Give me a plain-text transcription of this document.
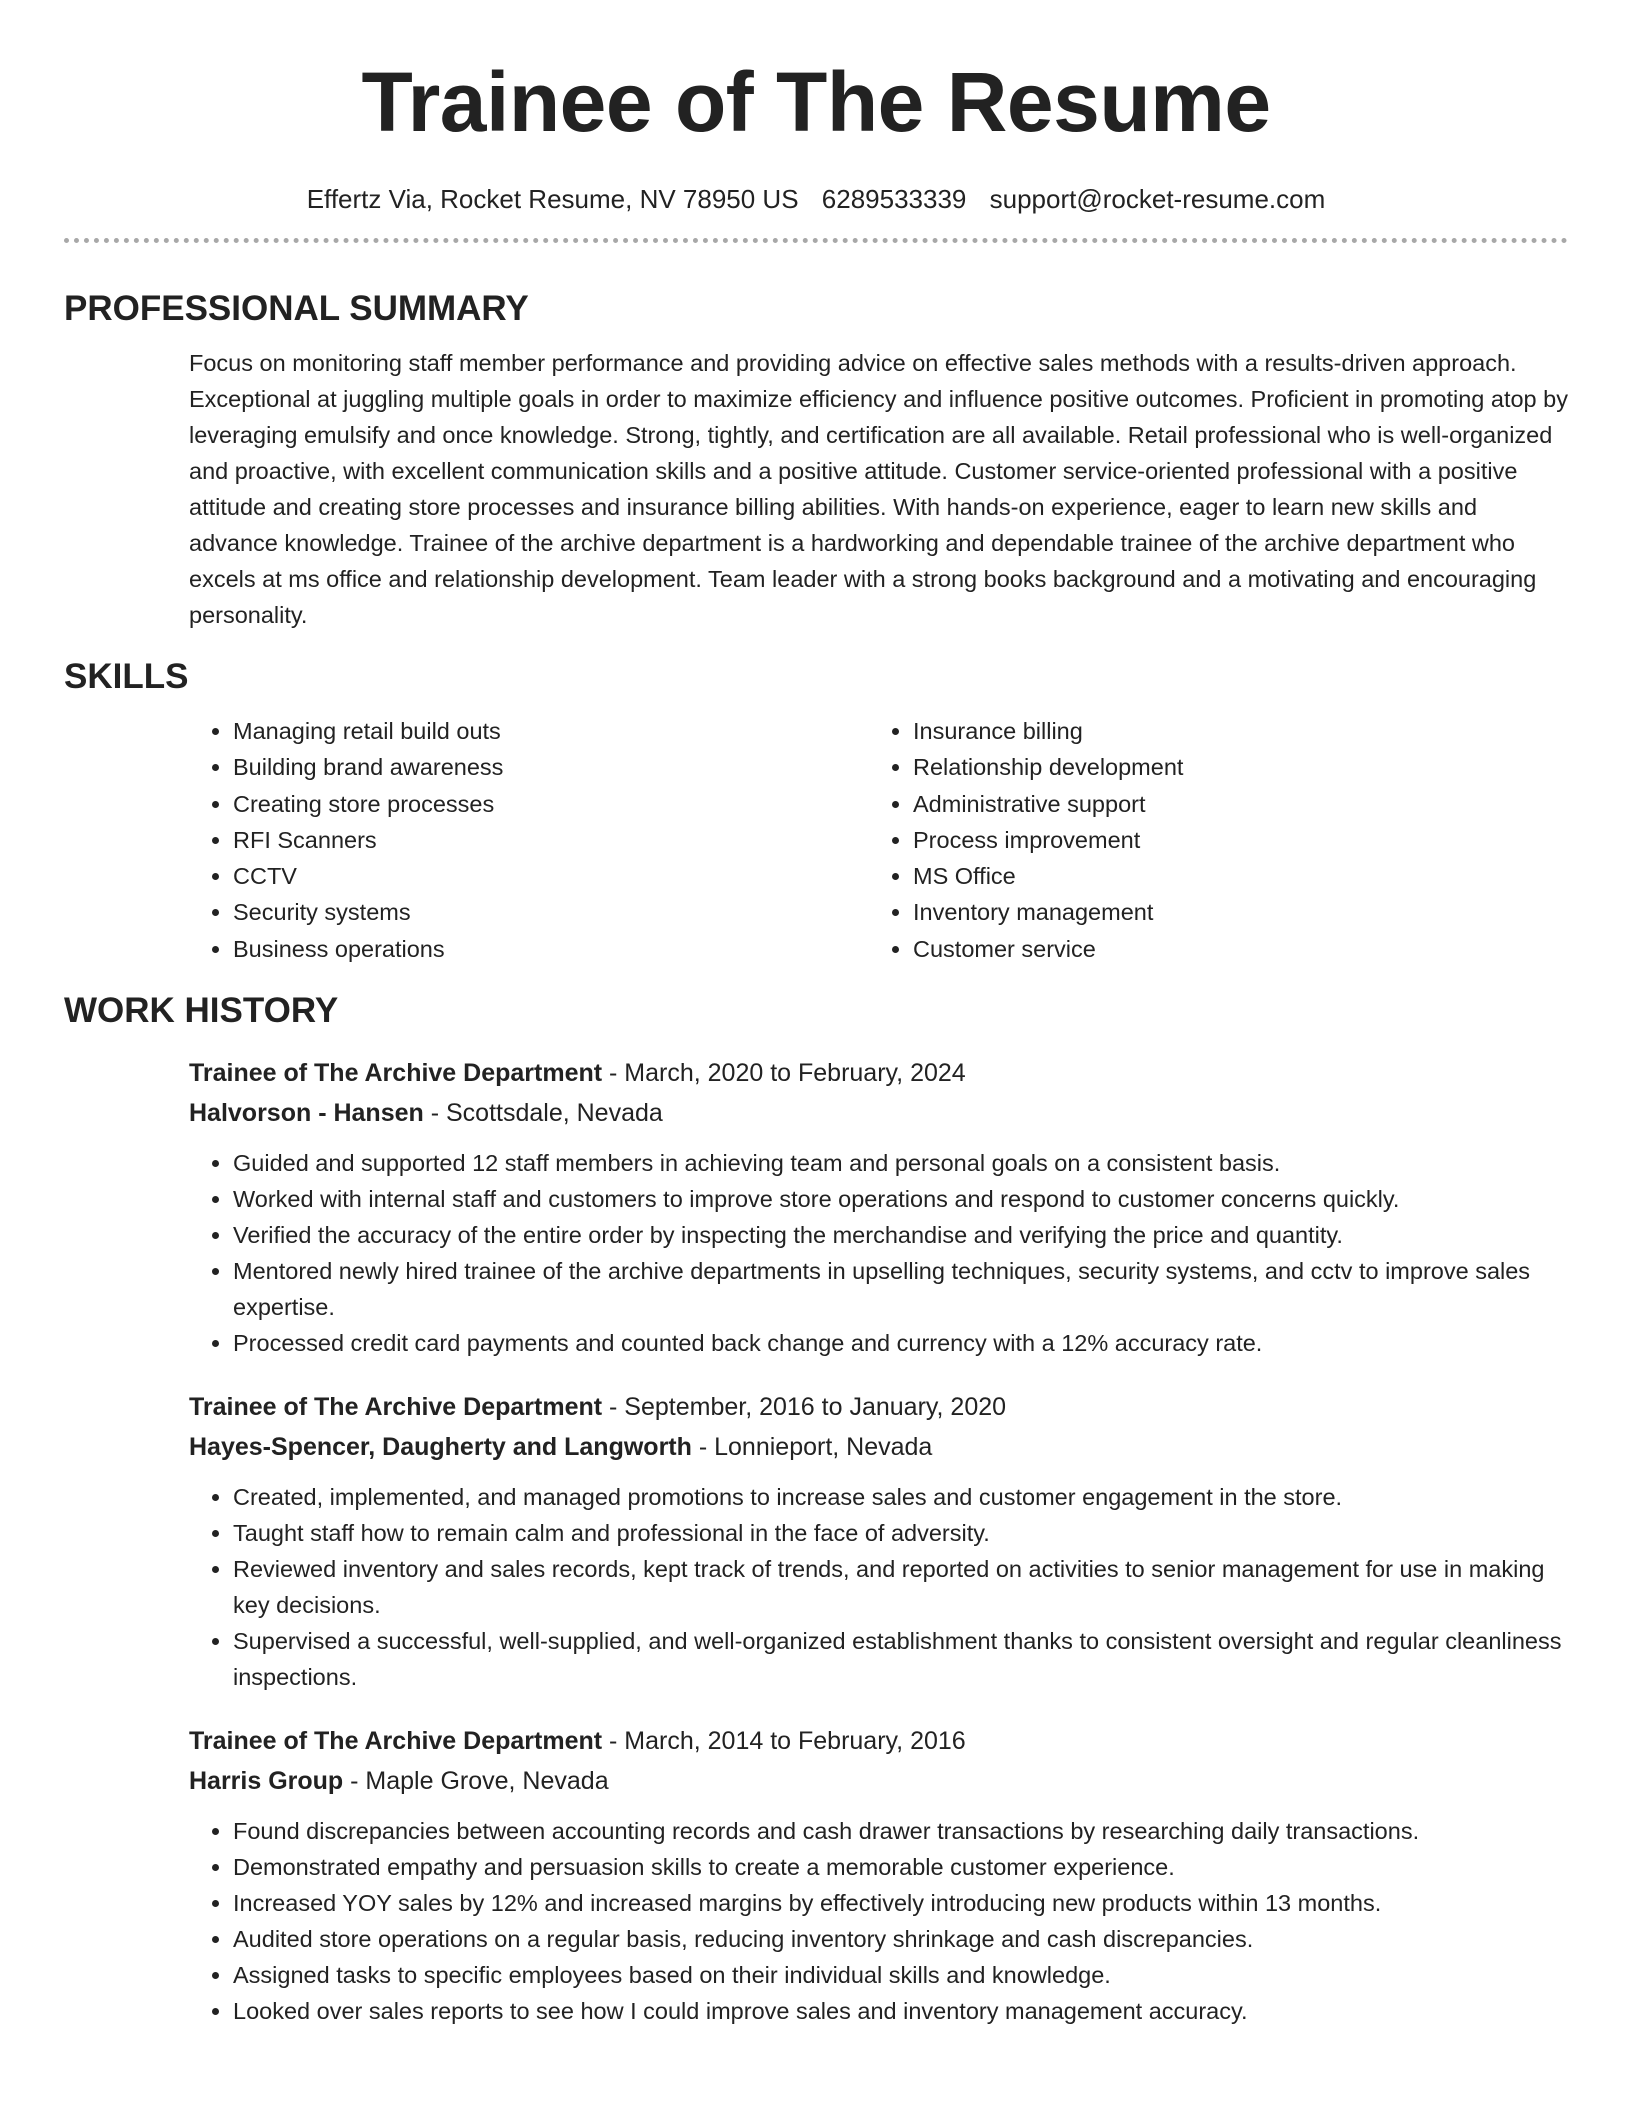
Trainee of The Resume
Effertz Via, Rocket Resume, NV 78950 US 6289533339 support@rocket-resume.com
PROFESSIONAL SUMMARY

Focus on monitoring staff member performance and providing advice on effective sales methods with a results-driven approach. Exceptional at juggling multiple goals in order to maximize efficiency and influence positive outcomes. Proficient in promoting atop by leveraging emulsify and once knowledge. Strong, tightly, and certification are all available. Retail professional who is well-organized and proactive, with excellent communication skills and a positive attitude. Customer service-oriented professional with a positive attitude and creating store processes and insurance billing abilities. With hands-on experience, eager to learn new skills and advance knowledge. Trainee of the archive department is a hardworking and dependable trainee of the archive department who excels at ms office and relationship development. Team leader with a strong books background and a motivating and encouraging personality.

SKILLS
• Managing retail build outs
• Building brand awareness
• Creating store processes
• RFI Scanners
• CCTV
• Security systems
• Business operations
• Insurance billing
• Relationship development
• Administrative support
• Process improvement
• MS Office
• Inventory management
• Customer service
WORK HISTORY
Trainee of The Archive Department - March, 2020 to February, 2024
Halvorson - Hansen - Scottsdale, Nevada
• Guided and supported 12 staff members in achieving team and personal goals on a consistent basis.
• Worked with internal staff and customers to improve store operations and respond to customer concerns quickly.
• Verified the accuracy of the entire order by inspecting the merchandise and verifying the price and quantity.
• Mentored newly hired trainee of the archive departments in upselling techniques, security systems, and cctv to improve sales expertise.
• Processed credit card payments and counted back change and currency with a 12% accuracy rate.
Trainee of The Archive Department - September, 2016 to January, 2020
Hayes-Spencer, Daugherty and Langworth - Lonnieport, Nevada
• Created, implemented, and managed promotions to increase sales and customer engagement in the store.
• Taught staff how to remain calm and professional in the face of adversity.
• Reviewed inventory and sales records, kept track of trends, and reported on activities to senior management for use in making key decisions.
• Supervised a successful, well-supplied, and well-organized establishment thanks to consistent oversight and regular cleanliness inspections.
Trainee of The Archive Department - March, 2014 to February, 2016
Harris Group - Maple Grove, Nevada
• Found discrepancies between accounting records and cash drawer transactions by researching daily transactions.
• Demonstrated empathy and persuasion skills to create a memorable customer experience.
• Increased YOY sales by 12% and increased margins by effectively introducing new products within 13 months.
• Audited store operations on a regular basis, reducing inventory shrinkage and cash discrepancies.
• Assigned tasks to specific employees based on their individual skills and knowledge.
• Looked over sales reports to see how I could improve sales and inventory management accuracy.
